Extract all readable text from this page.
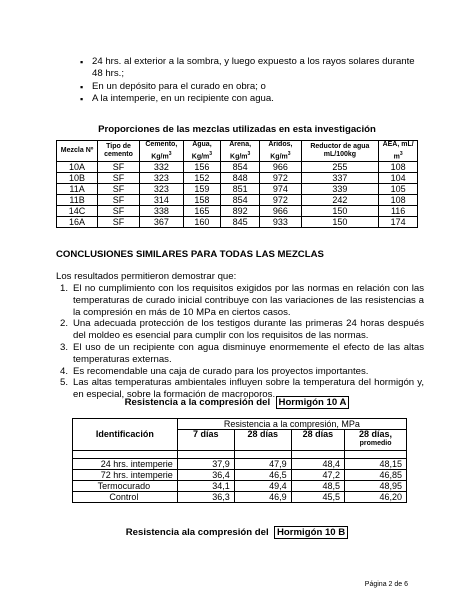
▪ 24 hrs. al exterior a la sombra, y luego expuesto a los rayos solares durante 48 hrs.;
▪ En un depósito para el curado en obra; o
▪ A la intemperie, en un recipiente con agua.
Proporciones de las mezclas utilizadas en esta investigación
Mezcla Nº	Tipo de cemento	Cemento, $Kg/m^3$	Agua, $Kg/m^3$	Arena, $Kg/m^3$	Aridos, $Kg/m^3$	Reductor de agua mL/100kg	AEA, mL/ $m^3$
10A	SF	332	156	854	966	255	108
10B	SF	323	152	848	972	337	104
11A	SF	323	159	851	974	339	105
11B	SF	314	158	854	972	242	108
14C	SF	338	165	892	966	150	116
16A	SF	367	160	845	933	150	174
CONCLUSIONES SIMILARES PARA TODAS LAS MEZCLAS
Los resultados permitieron demostrar que:
1. El no cumplimiento con los requisitos exigidos por las normas en relación con las temperaturas de curado inicial contribuye con las variaciones de las resistencias a la compresión en más de 10 MPa en ciertos casos.
2. Una adecuada protección de los testigos durante las primeras 24 horas después del moldeo es esencial para cumplir con los requisitos de las normas.
3. El uso de un recipiente con agua disminuye enormemente el efecto de las altas temperaturas externas.
4. Es recomendable una caja de curado para los proyectos importantes.
5. Las altas temperaturas ambientales influyen sobre la temperatura del hormigón y, en especial, sobre la formación de macroporos.
Resistencia a la compresión del Hormigón 10 A
	Resistencia a la compresión, MPa			
Identificación	7 días	28 días	28 días	28 días,
promedio

24 hrs. intemperie	37,9	47,9	48,4	48,15
72 hrs. intemperie	36,4	46,5	47,2	46,85
Termocurado	34,1	49,4	48,5	48,95
Control	36,3	46,9	45,5	46,20
Resistencia ala compresión del Hormigón 10 B
Página 2 de 6
